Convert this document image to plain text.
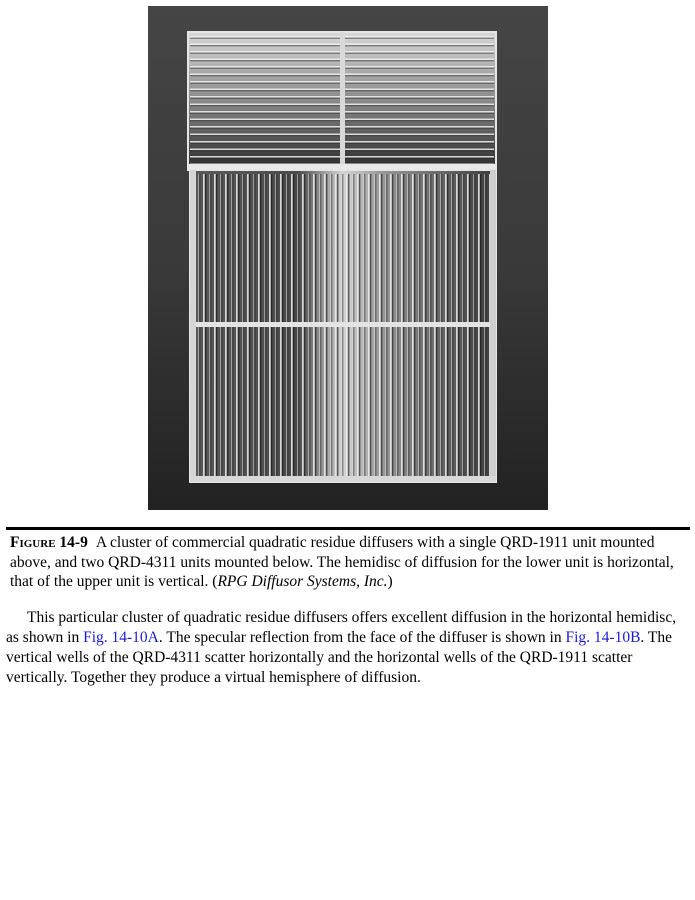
Figure 14-9 A cluster of commercial quadratic residue diffusers with a single QRD-1911 unit mounted above, and two QRD-4311 units mounted below. The hemidisc of diffusion for the lower unit is horizontal, that of the upper unit is vertical. (RPG Diffusor Systems, Inc.)
This particular cluster of quadratic residue diffusers offers excellent diffusion in the horizontal hemidisc, as shown in Fig. 14-10A. The specular reflection from the face of the diffuser is shown in Fig. 14-10B. The vertical wells of the QRD-4311 scatter horizontally and the horizontal wells of the QRD-1911 scatter vertically. Together they produce a virtual hemisphere of diffusion.
